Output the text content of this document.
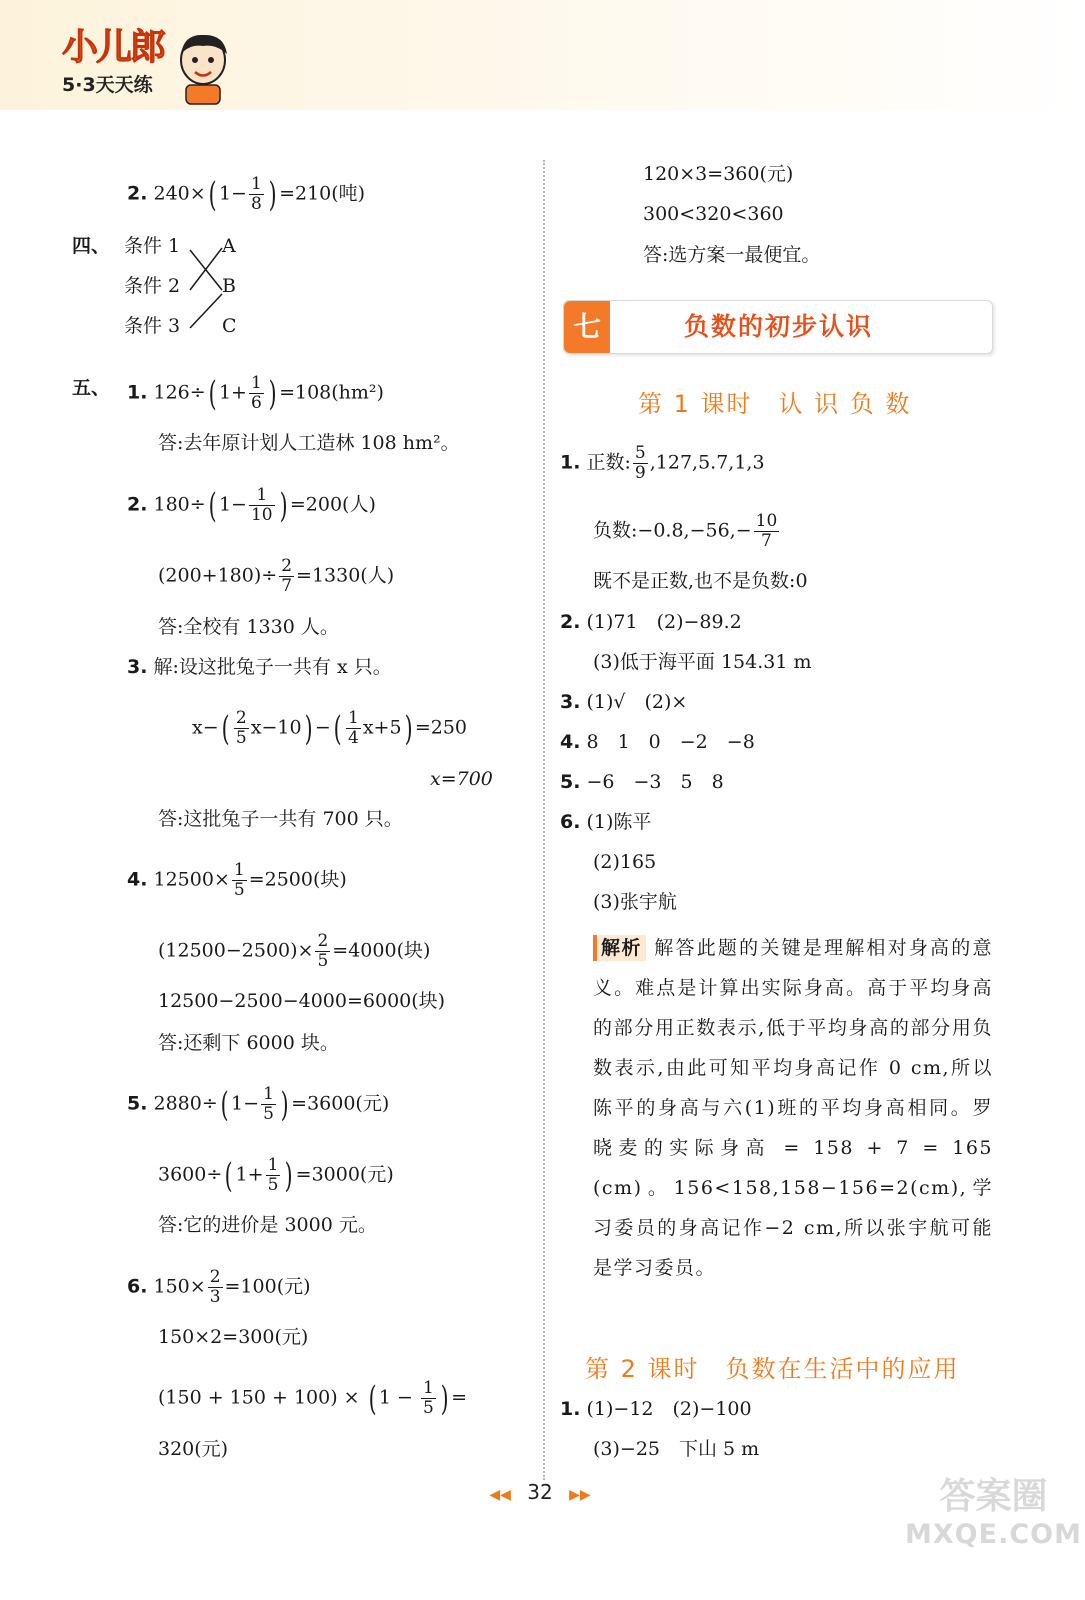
小儿郎
5·3天天练
2. 240×( $1- \frac{1}{8}$ ) =210(吨)
四、 条件 1
条件 2
条件 3
A
B
C
五、 1. 126÷( $1+ \frac{1}{6}$ ) =108(hm²)
答:去年原计划人工造林 108 hm²。
2. 180÷( $1- \frac{1}{10}$ ) =200(人)
$(200+180)\div \frac{2}{7} =1330$(人)
答:全校有 1330 人。
3. 解:设这批兔子一共有 x 只。
$x-( \frac{2}{5} x-10)$ −( $\frac{1}{4} x+5) =250$
x=700
答:这批兔子一共有 700 只。
4. $12500\times \frac{1}{5} =2500$(块)
$(12500-2500)\times \frac{2}{5} =4000$(块)
12500−2500−4000=6000(块)
答:还剩下 6000 块。
5. 2880÷( $1- \frac{1}{5}$ ) =3600(元)
3600÷( $1+ \frac{1}{5}$ ) =3000(元)
答:它的进价是 3000 元。
6. $150\times \frac{2}{3} =100$(元)
150×2=300(元)
(150 + 150 + 100) × ( $1 - \frac{1}{5}$ ) =
320(元)
120×3=360(元)
300<320<360
答:选方案一最便宜。
七	负数的初步认识
第 1 课时　认 识 负 数
1. 正数: $\frac{5}{9} ,127,5.7,1,3$
负数:−0.8,−56,− $\frac{10}{7}$
既不是正数,也不是负数:0
2. (1)71　(2)−89.2
(3)低于海平面 154.31 m
3. (1)√　(2)×
4. 8　1　0　−2　−8
5. −6　−3　5　8
6. (1)陈平
(2)165
(3)张宇航
解析 解答此题的关键是理解相对身高的意义。难点是计算出实际身高。高于平均身高的部分用正数表示,低于平均身高的部分用负数表示,由此可知平均身高记作 0 cm,所以陈平的身高与六(1)班的平均身高相同。罗晓麦的实际身高 = 158 + 7 = 165 (cm)。156<158,158−156=2(cm),学习委员的身高记作−2 cm,所以张宇航可能是学习委员。
第 2 课时　负数在生活中的应用
1. (1)−12　(2)−100
(3)−25　下山 5 m
◀◀ 32 ▶▶	答案圈
MXQE.COM
